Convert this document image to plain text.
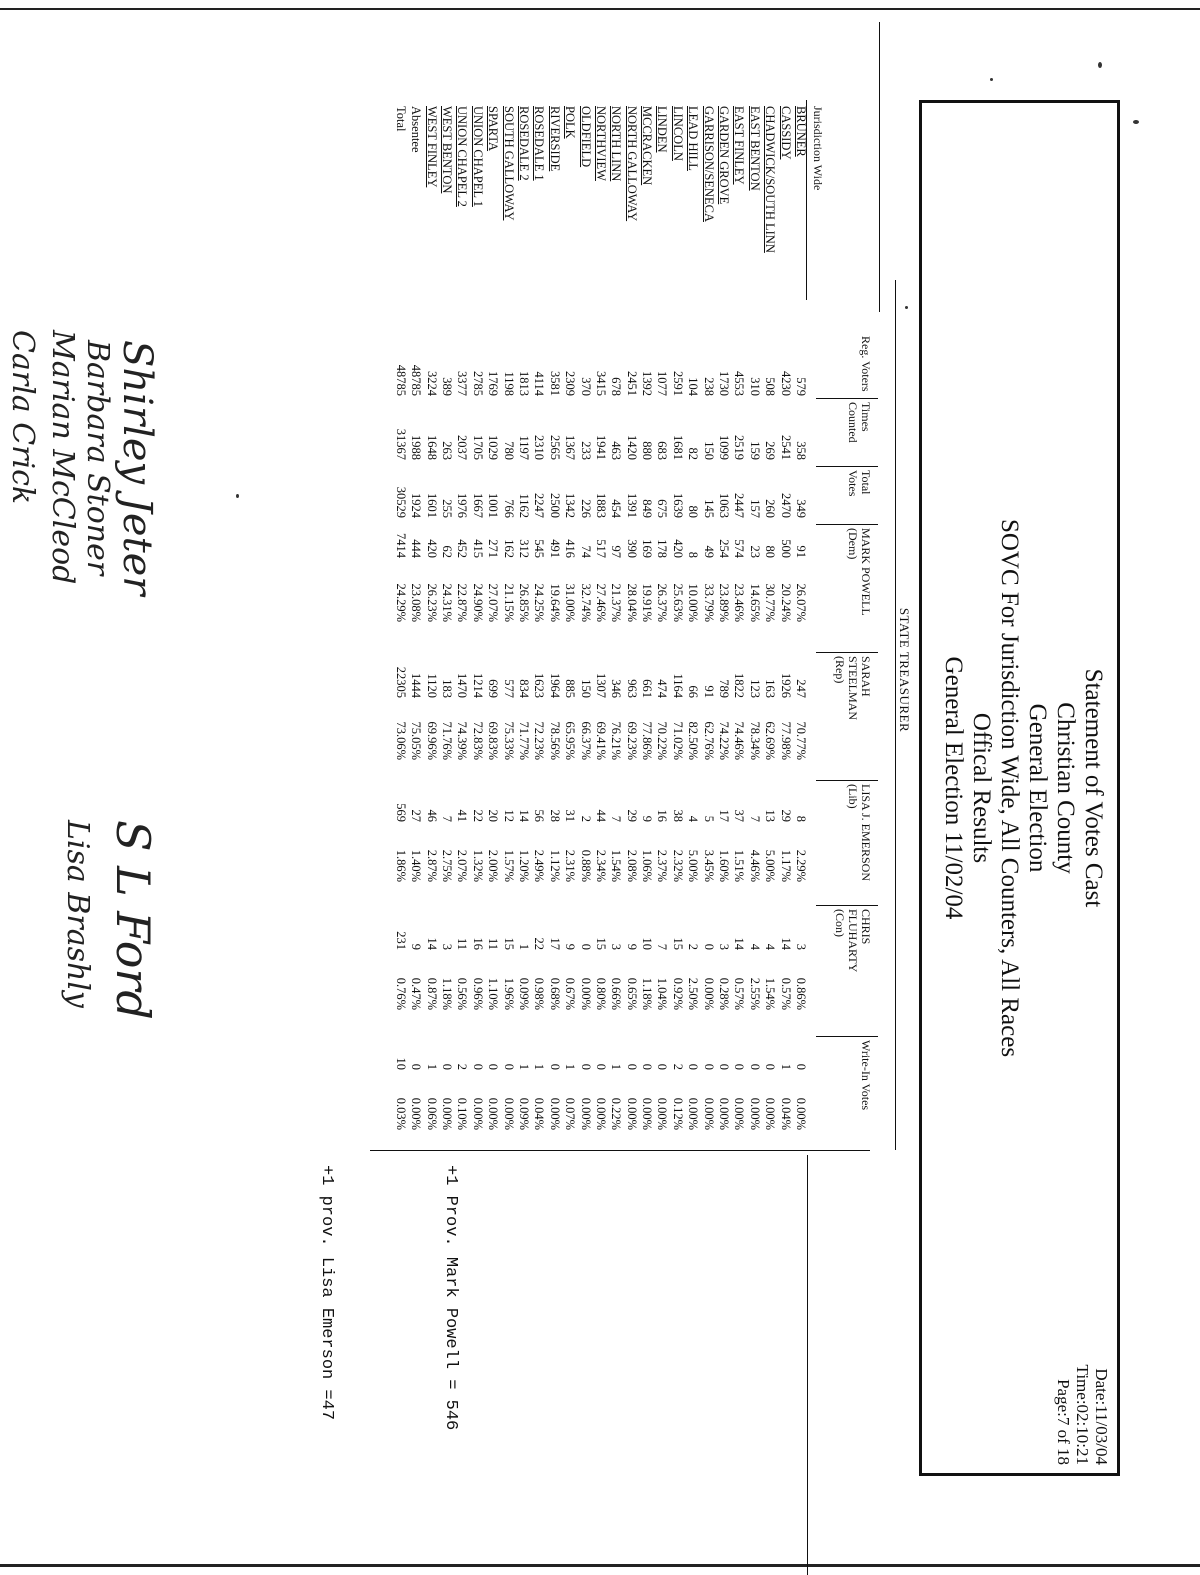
Statement of Votes Cast
Christian County
General Election
SOVC For Jurisdiction Wide, All Counters, All Races
Offical Results
General Election 11/02/04
Date:11/03/04
Time:02:10:21
Page:7 of 18
STATE TREASURER
Jurisdiction Wide
Reg. Voters
Times Counted
Total Votes
MARK POWELL (Dem)
SARAH STEELMAN (Rep)
LISA J. EMERSON (Lib)
CHRIS FLUHARTY (Con)
Write-In Votes
BRUNER
579
358
349
91
26.07%
247
70.77%
8
2.29%
3
0.86%
0
0.00%
CASSIDY
4230
2541
2470
500
20.24%
1926
77.98%
29
1.17%
14
0.57%
1
0.04%
CHADWICK/SOUTH LINN
508
269
260
80
30.77%
163
62.69%
13
5.00%
4
1.54%
0
0.00%
EAST BENTON
310
159
157
23
14.65%
123
78.34%
7
4.46%
4
2.55%
0
0.00%
EAST FINLEY
4553
2519
2447
574
23.46%
1822
74.46%
37
1.51%
14
0.57%
0
0.00%
GARDEN GROVE
1730
1099
1063
254
23.89%
789
74.22%
17
1.60%
3
0.28%
0
0.00%
GARRISON/SENECA
238
150
145
49
33.79%
91
62.76%
5
3.45%
0
0.00%
0
0.00%
LEAD HILL
104
82
80
8
10.00%
66
82.50%
4
5.00%
2
2.50%
0
0.00%
LINCOLN
2591
1681
1639
420
25.63%
1164
71.02%
38
2.32%
15
0.92%
2
0.12%
LINDEN
1077
683
675
178
26.37%
474
70.22%
16
2.37%
7
1.04%
0
0.00%
MCCRACKEN
1392
880
849
169
19.91%
661
77.86%
9
1.06%
10
1.18%
0
0.00%
NORTH GALLOWAY
2451
1420
1391
390
28.04%
963
69.23%
29
2.08%
9
0.65%
0
0.00%
NORTH LINN
678
463
454
97
21.37%
346
76.21%
7
1.54%
3
0.66%
1
0.22%
NORTHVIEW
3415
1941
1883
517
27.46%
1307
69.41%
44
2.34%
15
0.80%
0
0.00%
OLDFIELD
370
233
226
74
32.74%
150
66.37%
2
0.88%
0
0.00%
0
0.00%
POLK
2309
1367
1342
416
31.00%
885
65.95%
31
2.31%
9
0.67%
1
0.07%
RIVERSIDE
3581
2565
2500
491
19.64%
1964
78.56%
28
1.12%
17
0.68%
0
0.00%
ROSEDALE 1
4114
2310
2247
545
24.25%
1623
72.23%
56
2.49%
22
0.98%
1
0.04%
ROSEDALE 2
1813
1197
1162
312
26.85%
834
71.77%
14
1.20%
1
0.09%
1
0.09%
SOUTH GALLOWAY
1198
780
766
162
21.15%
577
75.33%
12
1.57%
15
1.96%
0
0.00%
SPARTA
1769
1029
1001
271
27.07%
699
69.83%
20
2.00%
11
1.10%
0
0.00%
UNION CHAPEL 1
2785
1705
1667
415
24.90%
1214
72.83%
22
1.32%
16
0.96%
0
0.00%
UNION CHAPEL 2
3377
2037
1976
452
22.87%
1470
74.39%
41
2.07%
11
0.56%
2
0.10%
WEST BENTON
389
263
255
62
24.31%
183
71.76%
7
2.75%
3
1.18%
0
0.00%
WEST FINLEY
3224
1648
1601
420
26.23%
1120
69.96%
46
2.87%
14
0.87%
1
0.06%
Absentee
48785
1988
1924
444
23.08%
1444
75.05%
27
1.40%
9
0.47%
0
0.00%
Total
48785
31367
30529
7414
24.29%
22305
73.06%
569
1.86%
231
0.76%
10
0.03%
+1 Prov. Mark Powell = 546
+1 prov. Lisa Emerson =47
Shirley Jeter
Barbara Stoner
Marian McCleod
Carla Crick
S L Ford
Lisa Brashly
